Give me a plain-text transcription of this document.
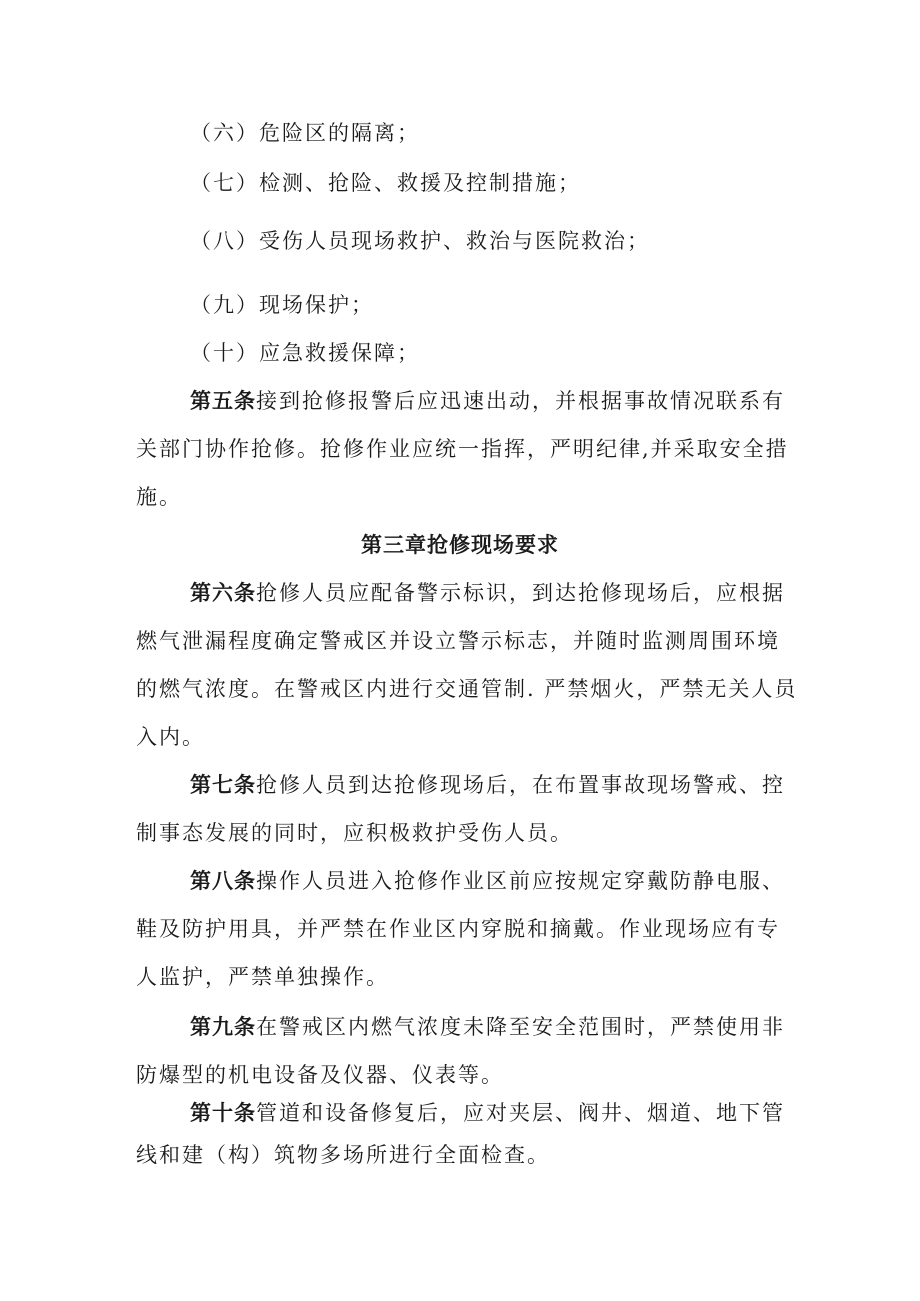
（六）危险区的隔离；
（七）检测、抢险、救援及控制措施；
（八）受伤人员现场救护、救治与医院救治；
（九）现场保护；
（十）应急救援保障；
第五条接到抢修报警后应迅速出动，并根据事故情况联系有
关部门协作抢修。抢修作业应统一指挥，严明纪律,并采取安全措
施。
第三章抢修现场要求
第六条抢修人员应配备警示标识，到达抢修现场后，应根据
燃气泄漏程度确定警戒区并设立警示标志，并随时监测周围环境
的燃气浓度。在警戒区内进行交通管制. 严禁烟火，严禁无关人员
入内。
第七条抢修人员到达抢修现场后，在布置事故现场警戒、控
制事态发展的同时，应积极救护受伤人员。
第八条操作人员进入抢修作业区前应按规定穿戴防静电服、
鞋及防护用具，并严禁在作业区内穿脱和摘戴。作业现场应有专
人监护，严禁单独操作。
第九条在警戒区内燃气浓度未降至安全范围时，严禁使用非
防爆型的机电设备及仪器、仪表等。
第十条管道和设备修复后，应对夹层、阀井、烟道、地下管
线和建（构）筑物多场所进行全面检查。
